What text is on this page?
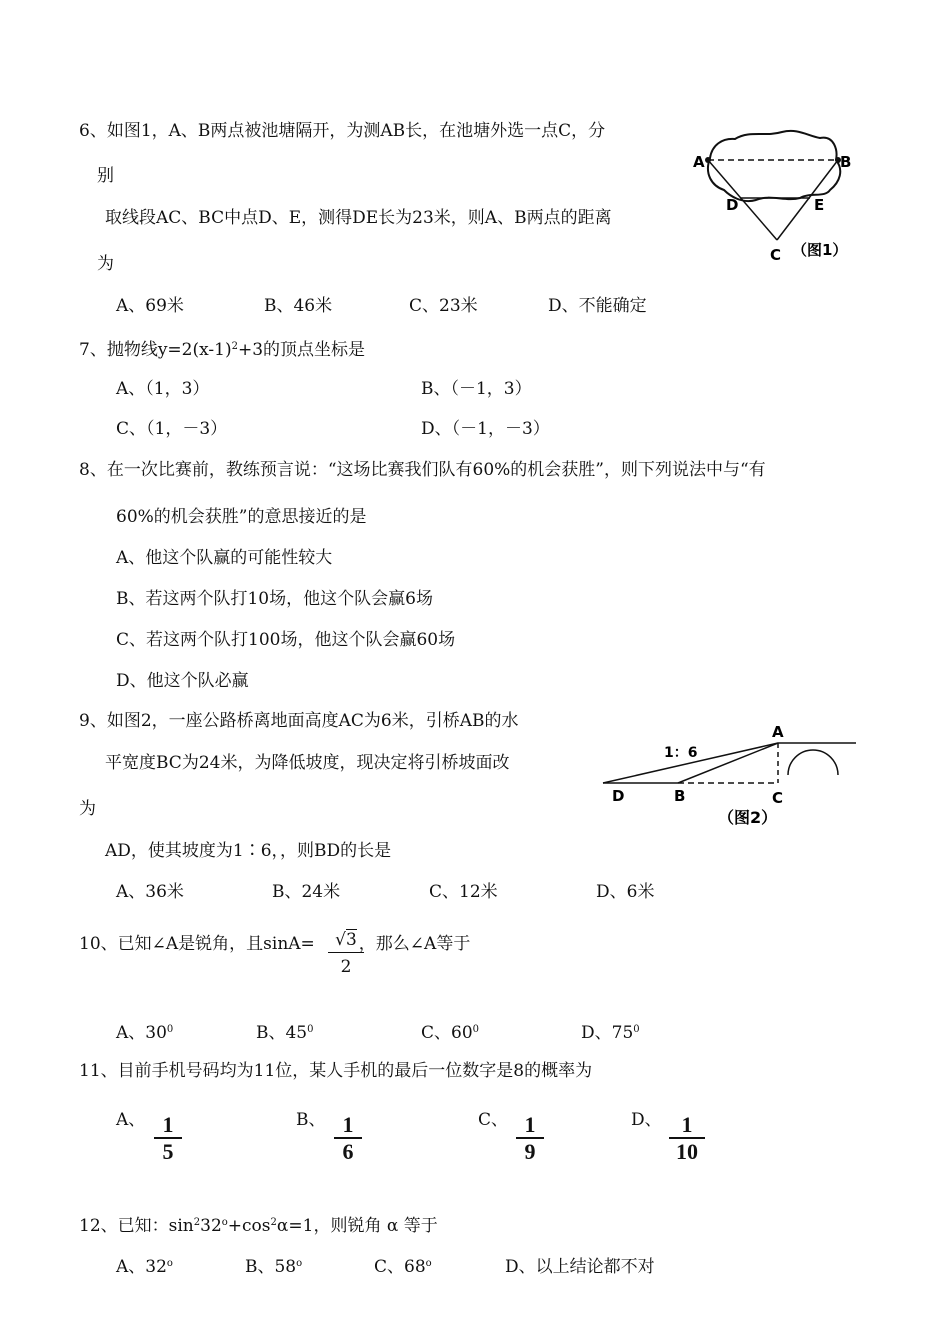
6、如图1，A、B两点被池塘隔开，为测AB长，在池塘外选一点C，分
别
取线段AC、BC中点D、E，测得DE长为23米，则A、B两点的距离
为
A、69米	B、46米	C、23米	D、不能确定
A	B
D	E
C （图1）
7、抛物线$y=2(x-1)^2+3$的顶点坐标是
A、（1，3）	B、（－1，3）
C、（1，－3）	D、（－1，－3）
8、在一次比赛前，教练预言说：“这场比赛我们队有60%的机会获胜”，则下列说法中与“有
60%的机会获胜”的意思接近的是
A、他这个队赢的可能性较大
B、若这两个队打10场，他这个队会赢6场
C、若这两个队打100场，他这个队会赢60场
D、他这个队必赢
9、如图2，一座公路桥离地面高度AC为6米，引桥AB的水
平宽度BC为24米，为降低坡度，现决定将引桥坡面改
为
AD，使其坡度为1∶6，，则BD的长是
A、36米	B、24米	C、12米	D、6米
1：6
A
D	B	C
（图2）
10、已知∠A是锐角，且sinA=	，那么∠A等于
$\frac{√3}{2}$
A、$30^0$	B、$45^0$	C、$60^0$	D、$75^0$
11、目前手机号码均为11位，某人手机的最后一位数字是8的概率为
A、 $\frac{1}{5}$	B、 $\frac{1}{6}$	C、 $\frac{1}{9}$	D、 $\frac{1}{10}$
12、已知：$\sin^232^o+\cos^2\alpha=1$，则锐角 α 等于
A、32$^o$	B、58$^o$	C、68$^o$	D、以上结论都不对
